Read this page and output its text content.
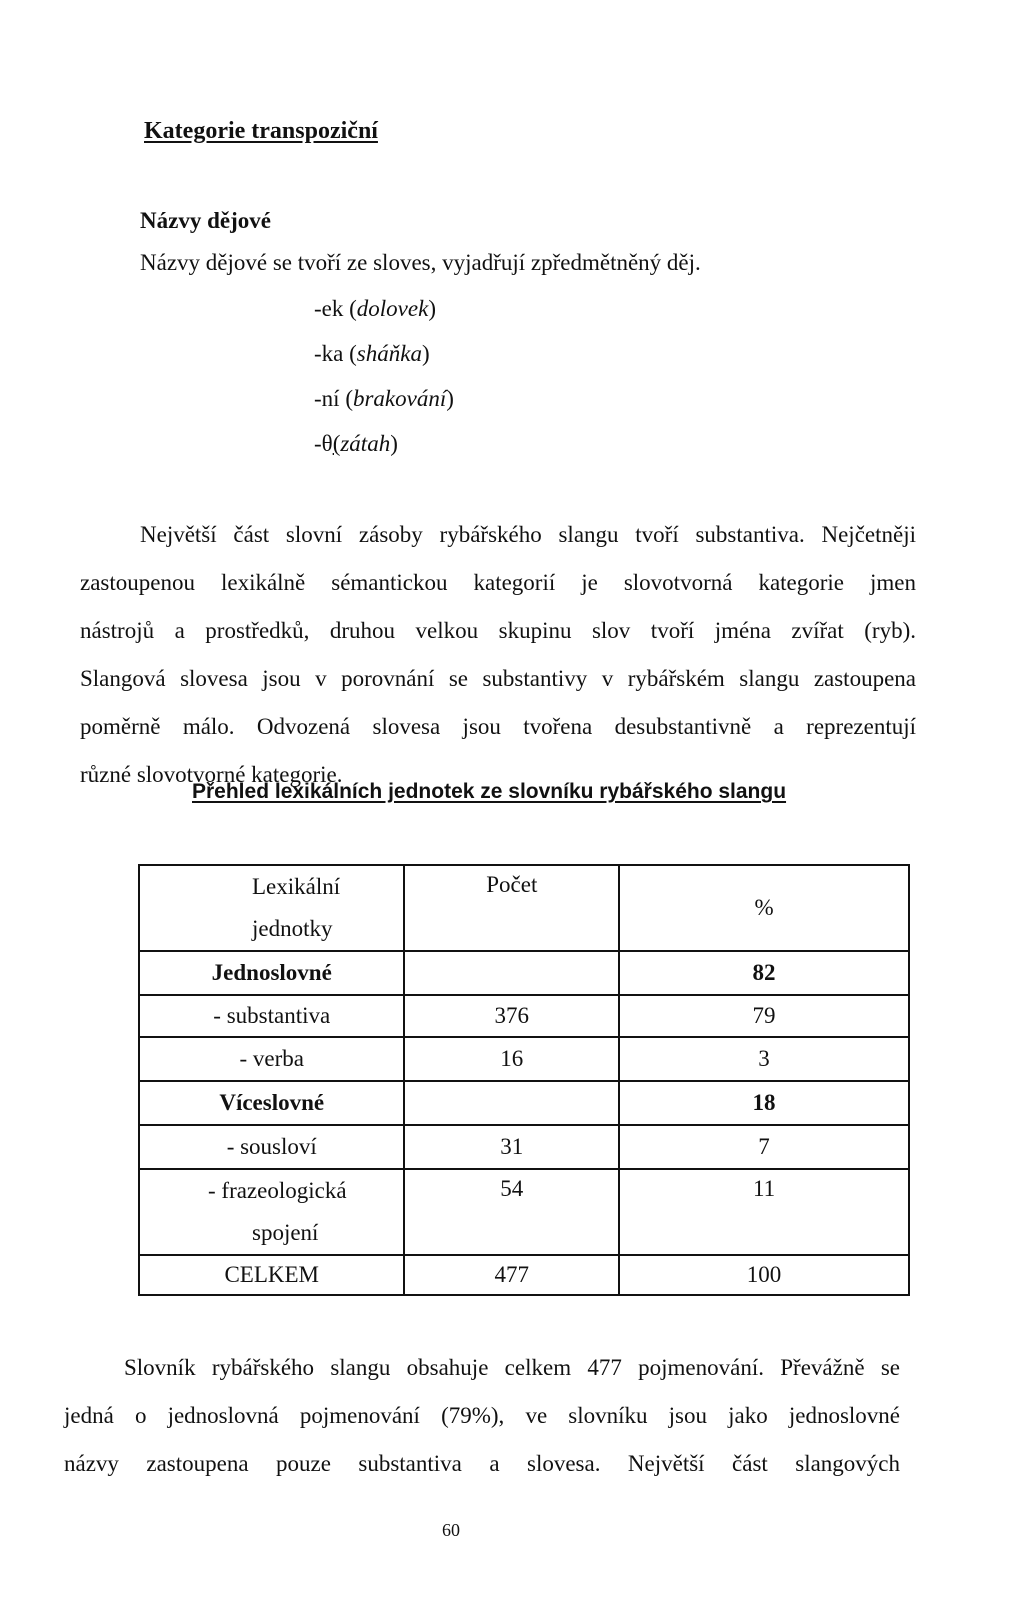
Kategorie transpoziční
Názvy dějové
Názvy dějové se tvoří ze sloves, vyjadřují zpředmětněný děj.
-ek (dolovek)
-ka (sháňka)
-ní (brakování)
-θ(zátah)
Největší část slovní zásoby rybářského slangu tvoří substantiva. Nejčetněji
zastoupenou lexikálně sémantickou kategorií je slovotvorná kategorie jmen
nástrojů a prostředků, druhou velkou skupinu slov tvoří jména zvířat (ryb).
Slangová slovesa jsou v porovnání se substantivy v rybářském slangu zastoupena
poměrně málo. Odvozená slovesa jsou tvořena desubstantivně a reprezentují
různé slovotvorné kategorie.
Přehled lexikálních jednotek ze slovníku rybářského slangu
Lexikální
jednotky	Počet	%
Jednoslovné		82
- substantiva	376	79
- verba	16	3
Víceslovné		18
- sousloví	31	7

- frazeologická
spojení	54	11
CELKEM	477	100
Slovník rybářského slangu obsahuje celkem 477 pojmenování. Převážně se
jedná o jednoslovná pojmenování (79%), ve slovníku jsou jako jednoslovné
názvy zastoupena pouze substantiva a slovesa. Největší část slangových
60
